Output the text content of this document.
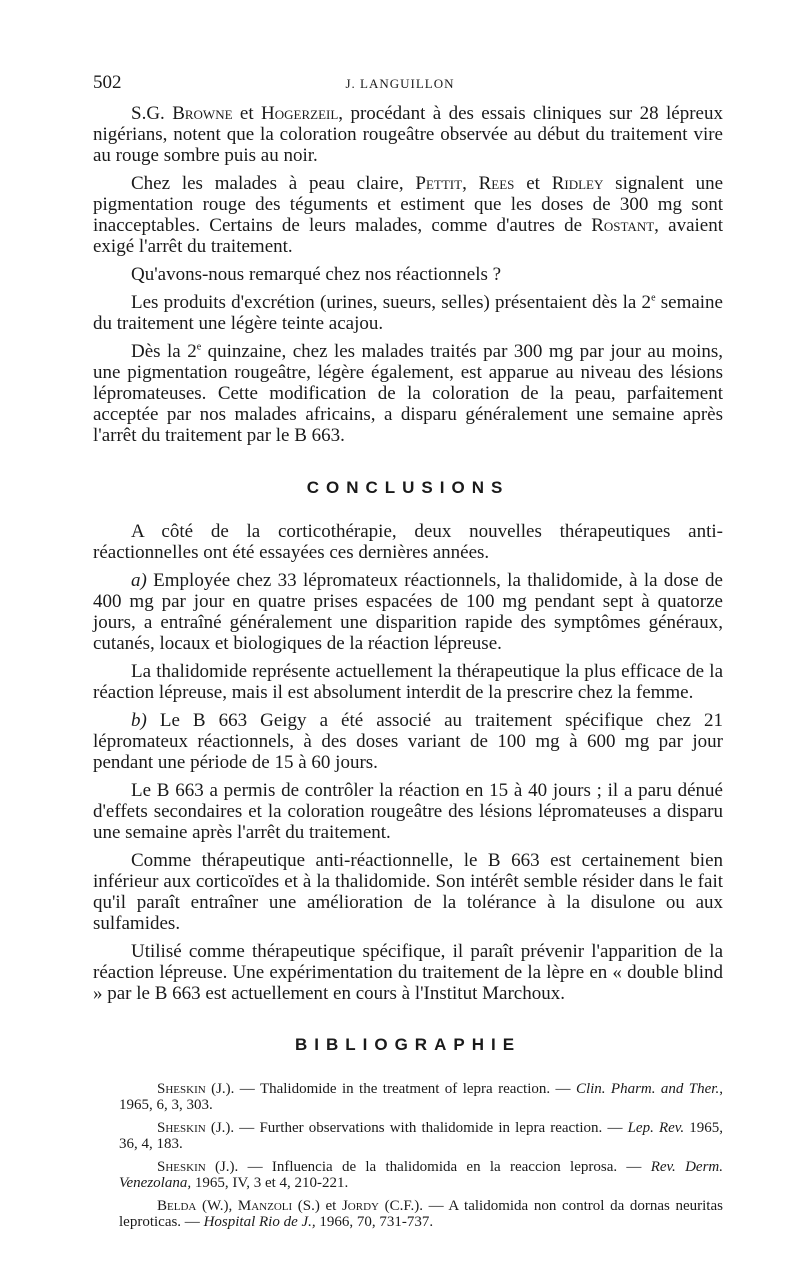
502	J. LANGUILLON

S.G. Browne et Hogerzeil, procédant à des essais cliniques sur 28 lépreux nigérians, notent que la coloration rougeâtre observée au début du traitement vire au rouge sombre puis au noir.

Chez les malades à peau claire, Pettit, Rees et Ridley signalent une pigmentation rouge des téguments et estiment que les doses de 300 mg sont inacceptables. Certains de leurs malades, comme d'autres de Rostant, avaient exigé l'arrêt du traitement.

Qu'avons-nous remarqué chez nos réactionnels ?

Les produits d'excrétion (urines, sueurs, selles) présentaient dès la 2e semaine du traitement une légère teinte acajou.

Dès la 2e quinzaine, chez les malades traités par 300 mg par jour au moins, une pigmentation rougeâtre, légère également, est apparue au niveau des lésions lépromateuses. Cette modification de la coloration de la peau, parfaitement acceptée par nos malades africains, a disparu généralement une semaine après l'arrêt du traitement par le B 663.

CONCLUSIONS

A côté de la corticothérapie, deux nouvelles thérapeutiques anti-réactionnelles ont été essayées ces dernières années.

a) Employée chez 33 lépromateux réactionnels, la thalidomide, à la dose de 400 mg par jour en quatre prises espacées de 100 mg pendant sept à quatorze jours, a entraîné généralement une disparition rapide des symptômes généraux, cutanés, locaux et biologiques de la réaction lépreuse.

La thalidomide représente actuellement la thérapeutique la plus efficace de la réaction lépreuse, mais il est absolument interdit de la prescrire chez la femme.

b) Le B 663 Geigy a été associé au traitement spécifique chez 21 lépromateux réactionnels, à des doses variant de 100 mg à 600 mg par jour pendant une période de 15 à 60 jours.

Le B 663 a permis de contrôler la réaction en 15 à 40 jours ; il a paru dénué d'effets secondaires et la coloration rougeâtre des lésions lépromateuses a disparu une semaine après l'arrêt du traitement.

Comme thérapeutique anti-réactionnelle, le B 663 est certainement bien inférieur aux corticoïdes et à la thalidomide. Son intérêt semble résider dans le fait qu'il paraît entraîner une amélioration de la tolérance à la disulone ou aux sulfamides.

Utilisé comme thérapeutique spécifique, il paraît prévenir l'apparition de la réaction lépreuse. Une expérimentation du traitement de la lèpre en « double blind » par le B 663 est actuellement en cours à l'Institut Marchoux.

BIBLIOGRAPHIE

Sheskin (J.). — Thalidomide in the treatment of lepra reaction. — Clin. Pharm. and Ther., 1965, 6, 3, 303.

Sheskin (J.). — Further observations with thalidomide in lepra reaction. — Lep. Rev. 1965, 36, 4, 183.

Sheskin (J.). — Influencia de la thalidomida en la reaccion leprosa. — Rev. Derm. Venezolana, 1965, IV, 3 et 4, 210-221.

Belda (W.), Manzoli (S.) et Jordy (C.F.). — A talidomida non control da dornas neuritas leproticas. — Hospital Rio de J., 1966, 70, 731-737.
